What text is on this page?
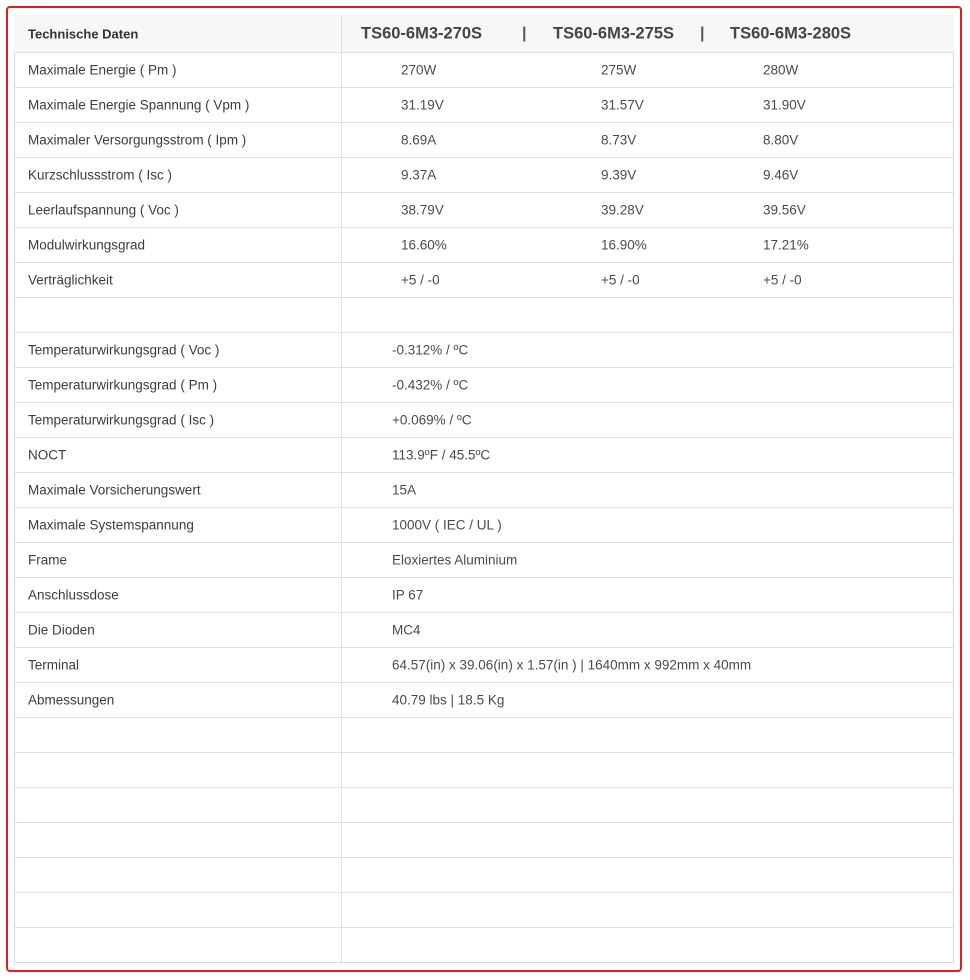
Technische Daten	TS60-6M3-270S | TS60-6M3-275S | TS60-6M3-280S
Maximale Energie ( Pm )	270W	275W	280W
Maximale Energie Spannung ( Vpm )	31.19V	31.57V	31.90V
Maximaler Versorgungsstrom ( Ipm )	8.69A	8.73V	8.80V
Kurzschlussstrom ( Isc )	9.37A	9.39V	9.46V
Leerlaufspannung ( Voc )	38.79V	39.28V	39.56V
Modulwirkungsgrad	16.60%	16.90%	17.21%
Verträglichkeit	+5 / -0	+5 / -0	+5 / -0
Temperaturwirkungsgrad ( Voc )	-0.312% / ºC
Temperaturwirkungsgrad ( Pm )	-0.432% / ºC
Temperaturwirkungsgrad ( Isc )	+0.069% / ºC
NOCT	113.9ºF / 45.5ºC
Maximale Vorsicherungswert	15A
Maximale Systemspannung	1000V ( IEC / UL )
Frame	Eloxiertes Aluminium
Anschlussdose	IP 67
Die Dioden	MC4
Terminal	64.57(in) x 39.06(in) x 1.57(in ) | 1640mm x 992mm x 40mm
Abmessungen	40.79 lbs | 18.5 Kg
